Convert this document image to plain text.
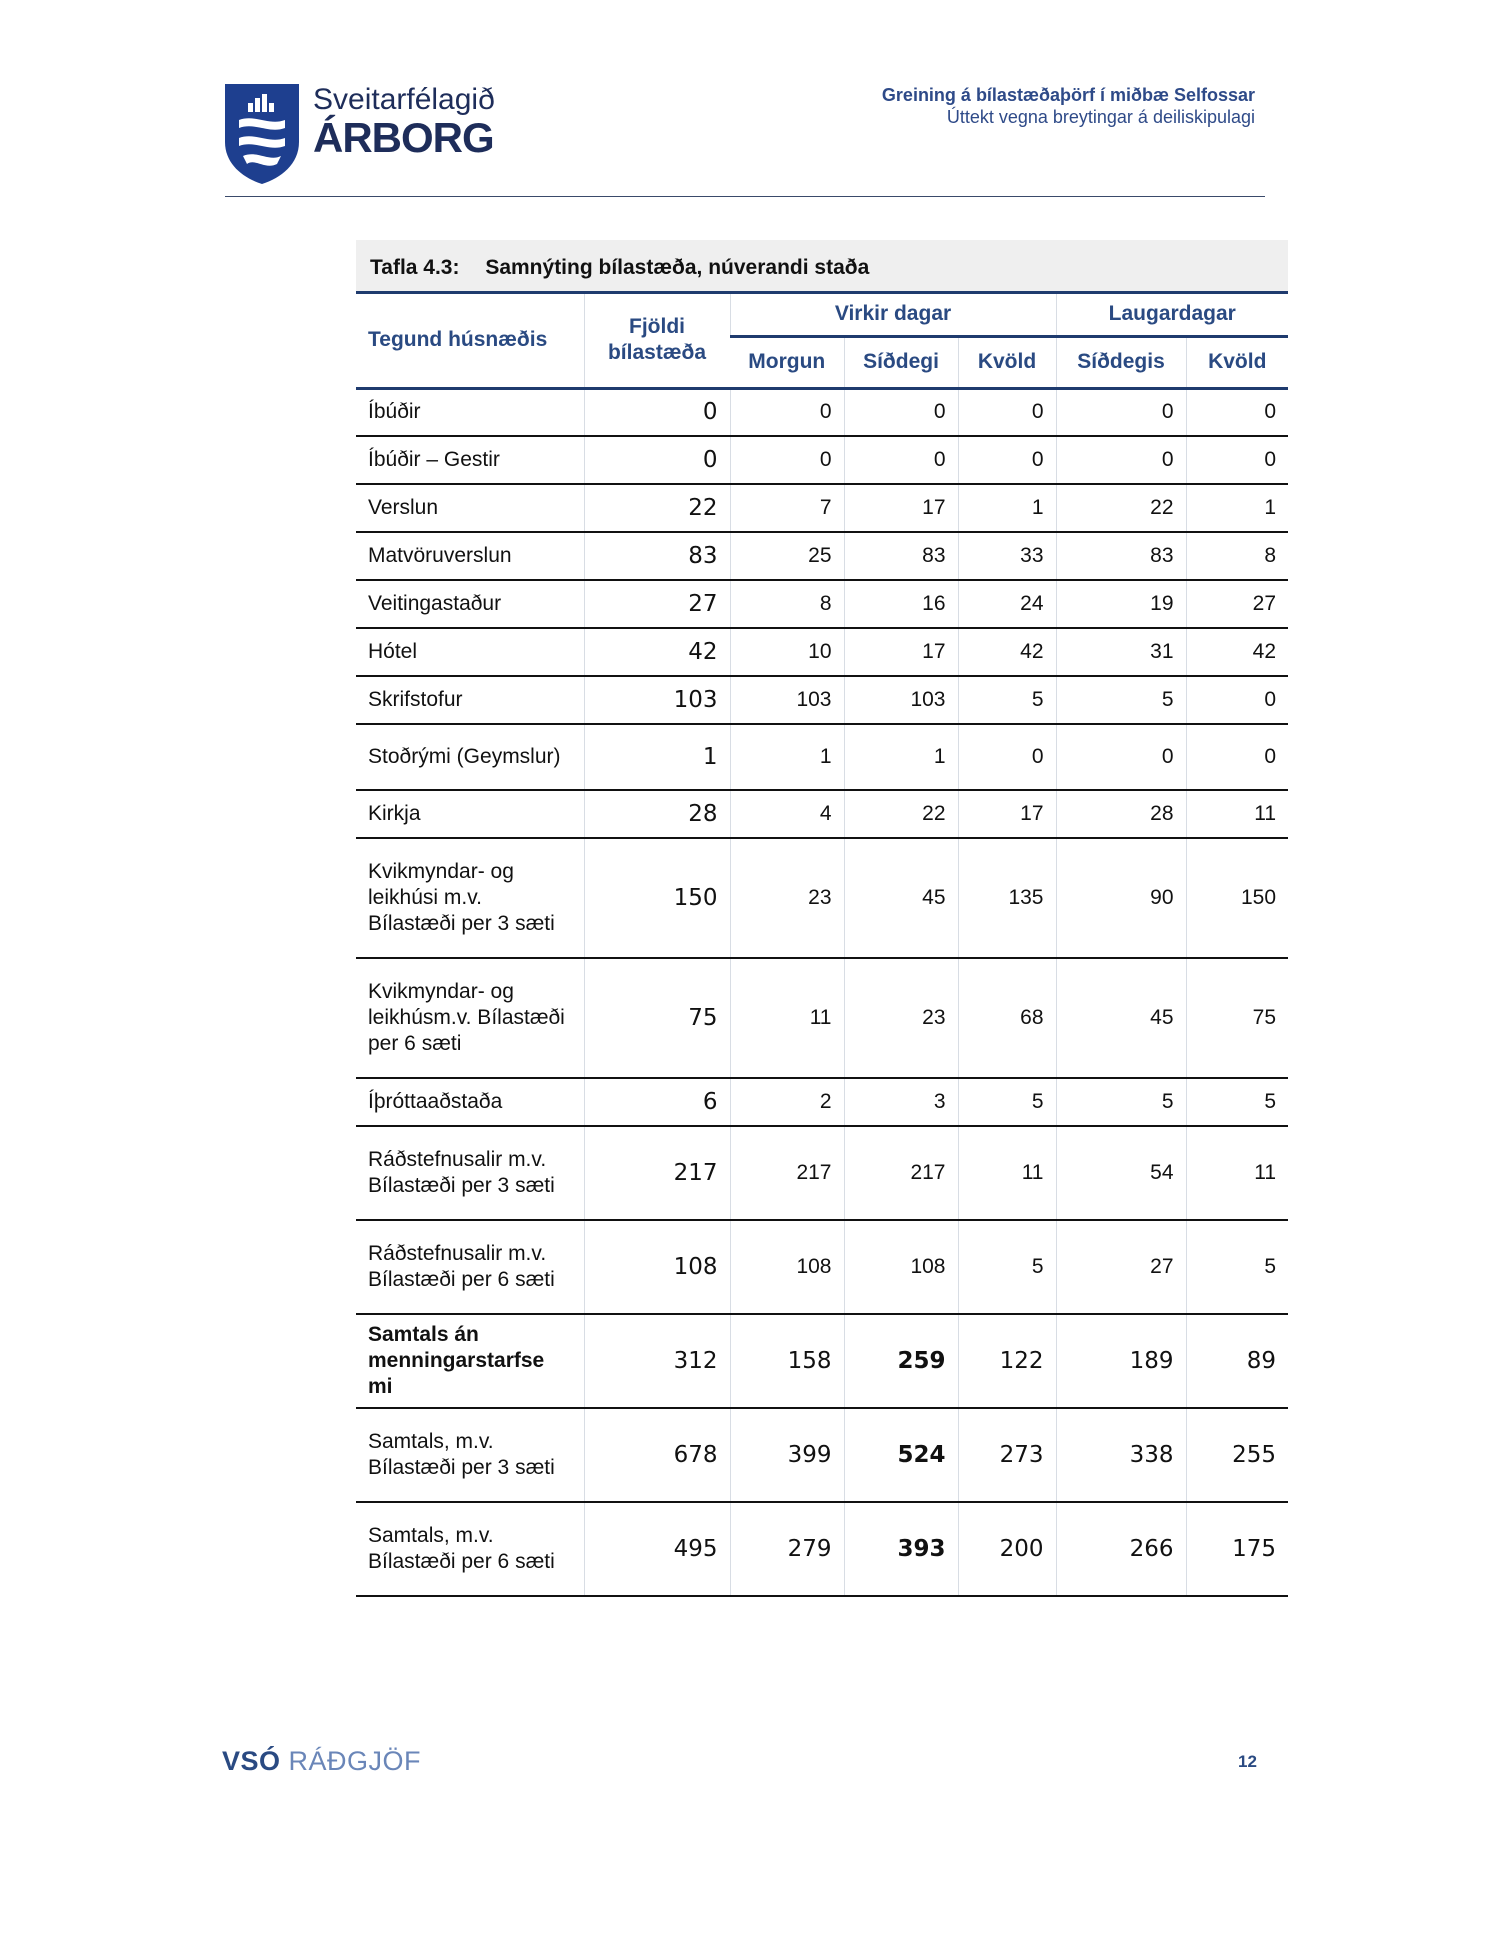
Sveitarfélagið
ÁRBORG
Greining á bílastæðaþörf í miðbæ Selfossar
Úttekt vegna breytingar á deiliskipulagi
Tafla 4.3: Samnýting bílastæða, núverandi staða
Tegund húsnæðis	Fjöldi bílastæða	Virkir dagar			Laugardagar	
		Morgun	Síðdegi	Kvöld	Síðdegis	Kvöld
Íbúðir	0	0	0	0	0	0
Íbúðir – Gestir	0	0	0	0	0	0
Verslun	22	7	17	1	22	1
Matvöruverslun	83	25	83	33	83	8
Veitingastaður	27	8	16	24	19	27
Hótel	42	10	17	42	31	42
Skrifstofur	103	103	103	5	5	0
Stoðrými (Geymslur)	1	1	1	0	0	0
Kirkja	28	4	22	17	28	11
Kvikmyndar- og leikhúsi m.v. Bílastæði per 3 sæti	150	23	45	135	90	150
Kvikmyndar- og leikhúsm.v. Bílastæði per 6 sæti	75	11	23	68	45	75
Íþróttaaðstaða	6	2	3	5	5	5
Ráðstefnusalir m.v. Bílastæði per 3 sæti	217	217	217	11	54	11
Ráðstefnusalir m.v. Bílastæði per 6 sæti	108	108	108	5	27	5
Samtals án menningarstarfse mi	312	158	259	122	189	89
Samtals, m.v. Bílastæði per 3 sæti	678	399	524	273	338	255
Samtals, m.v. Bílastæði per 6 sæti	495	279	393	200	266	175
VSÓ RÁÐGJÖF	12
